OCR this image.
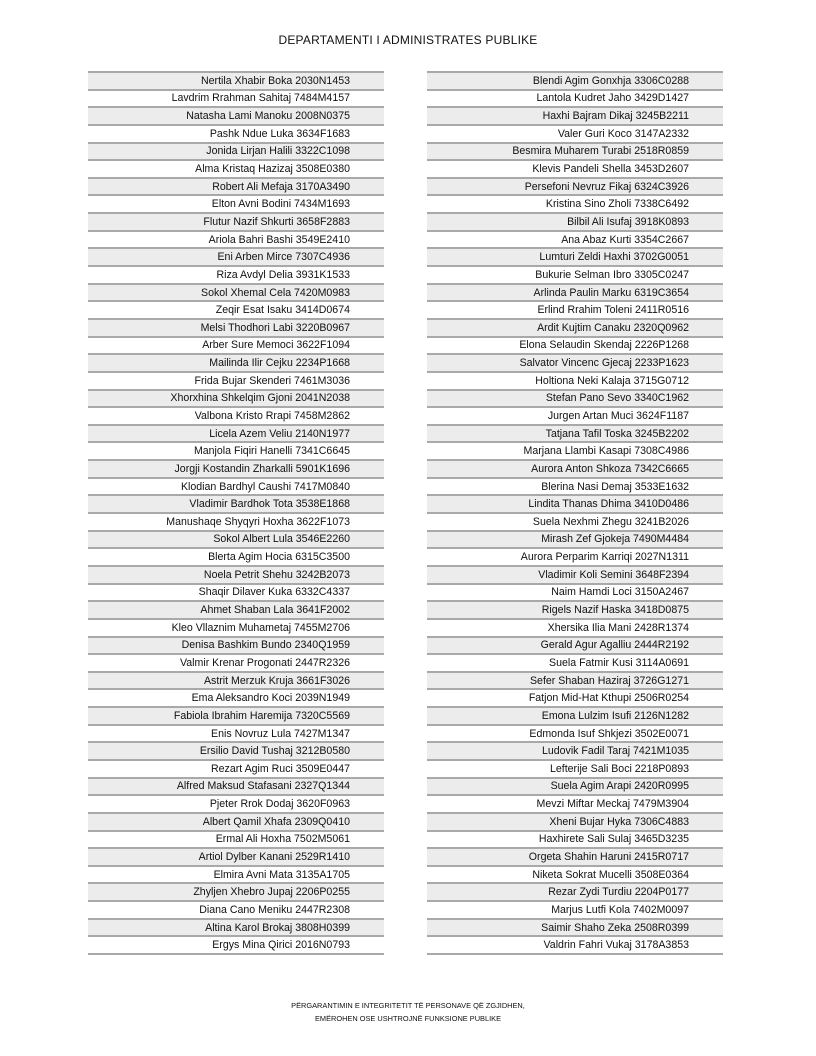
DEPARTAMENTI I ADMINISTRATES PUBLIKE
Nertila Xhabir Boka 2030N1453
Lavdrim Rrahman Sahitaj 7484M4157
Natasha Lami Manoku 2008N0375
Pashk Ndue Luka 3634F1683
Jonida Lirjan Halili 3322C1098
Alma Kristaq Hazizaj 3508E0380
Robert Ali Mefaja 3170A3490
Elton Avni Bodini 7434M1693
Flutur Nazif Shkurti 3658F2883
Ariola Bahri Bashi 3549E2410
Eni Arben Mirce 7307C4936
Riza Avdyl Delia 3931K1533
Sokol Xhemal Cela 7420M0983
Zeqir Esat Isaku 3414D0674
Melsi Thodhori Labi 3220B0967
Arber Sure Memoci 3622F1094
Mailinda Ilir Cejku 2234P1668
Frida Bujar Skenderi 7461M3036
Xhorxhina Shkelqim Gjoni 2041N2038
Valbona Kristo Rrapi 7458M2862
Licela Azem Veliu 2140N1977
Manjola Fiqiri Hanelli 7341C6645
Jorgji Kostandin Zharkalli 5901K1696
Klodian Bardhyl Caushi 7417M0840
Vladimir Bardhok Tota 3538E1868
Manushaqe Shyqyri Hoxha 3622F1073
Sokol Albert Lula 3546E2260
Blerta Agim Hocia 6315C3500
Noela Petrit Shehu 3242B2073
Shaqir Dilaver Kuka 6332C4337
Ahmet Shaban Lala 3641F2002
Kleo Vllaznim Muhametaj 7455M2706
Denisa Bashkim Bundo 2340Q1959
Valmir Krenar Progonati 2447R2326
Astrit Merzuk Kruja 3661F3026
Ema Aleksandro Koci 2039N1949
Fabiola Ibrahim Haremija 7320C5569
Enis Novruz Lula 7427M1347
Ersilio David Tushaj 3212B0580
Rezart Agim Ruci 3509E0447
Alfred Maksud Stafasani 2327Q1344
Pjeter Rrok Dodaj 3620F0963
Albert Qamil Xhafa 2309Q0410
Ermal Ali Hoxha 7502M5061
Artiol Dylber Kanani 2529R1410
Elmira Avni Mata 3135A1705
Zhyljen Xhebro Jupaj 2206P0255
Diana Cano Meniku 2447R2308
Altina Karol Brokaj 3808H0399
Ergys Mina Qirici 2016N0793
Blendi Agim Gonxhja 3306C0288
Lantola Kudret Jaho 3429D1427
Haxhi Bajram Dikaj 3245B2211
Valer Guri Koco 3147A2332
Besmira Muharem Turabi 2518R0859
Klevis Pandeli Shella 3453D2607
Persefoni Nevruz Fikaj 6324C3926
Kristina Sino Zholi 7338C6492
Bilbil Ali Isufaj 3918K0893
Ana Abaz Kurti 3354C2667
Lumturi Zeldi Haxhi 3702G0051
Bukurie Selman Ibro 3305C0247
Arlinda Paulin Marku 6319C3654
Erlind Rrahim Toleni 2411R0516
Ardit Kujtim Canaku 2320Q0962
Elona Selaudin Skendaj 2226P1268
Salvator Vincenc Gjecaj 2233P1623
Holtiona Neki Kalaja 3715G0712
Stefan Pano Sevo 3340C1962
Jurgen Artan Muci 3624F1187
Tatjana Tafil Toska 3245B2202
Marjana Llambi Kasapi 7308C4986
Aurora Anton Shkoza 7342C6665
Blerina Nasi Demaj 3533E1632
Lindita Thanas Dhima 3410D0486
Suela Nexhmi Zhegu 3241B2026
Mirash Zef Gjokeja 7490M4484
Aurora Perparim Karriqi 2027N1311
Vladimir Koli Semini 3648F2394
Naim Hamdi Loci 3150A2467
Rigels Nazif Haska 3418D0875
Xhersika Ilia Mani 2428R1374
Gerald Agur Agalliu 2444R2192
Suela Fatmir Kusi 3114A0691
Sefer Shaban Haziraj 3726G1271
Fatjon Mid-Hat Kthupi 2506R0254
Emona Lulzim Isufi 2126N1282
Edmonda Isuf Shkjezi 3502E0071
Ludovik Fadil Taraj 7421M1035
Lefterije Sali Boci 2218P0893
Suela Agim Arapi 2420R0995
Mevzi Miftar Meckaj 7479M3904
Xheni Bujar Hyka 7306C4883
Haxhirete Sali Sulaj 3465D3235
Orgeta Shahin Haruni 2415R0717
Niketa Sokrat Mucelli 3508E0364
Rezar Zydi Turdiu 2204P0177
Marjus Lutfi Kola 7402M0097
Saimir Shaho Zeka 2508R0399
Valdrin Fahri Vukaj 3178A3853
PËRGARANTIMIN E INTEGRITETIT TË PERSONAVE QË ZGJIDHEN,
EMËROHEN OSE USHTROJNË FUNKSIONE PUBLIKE
